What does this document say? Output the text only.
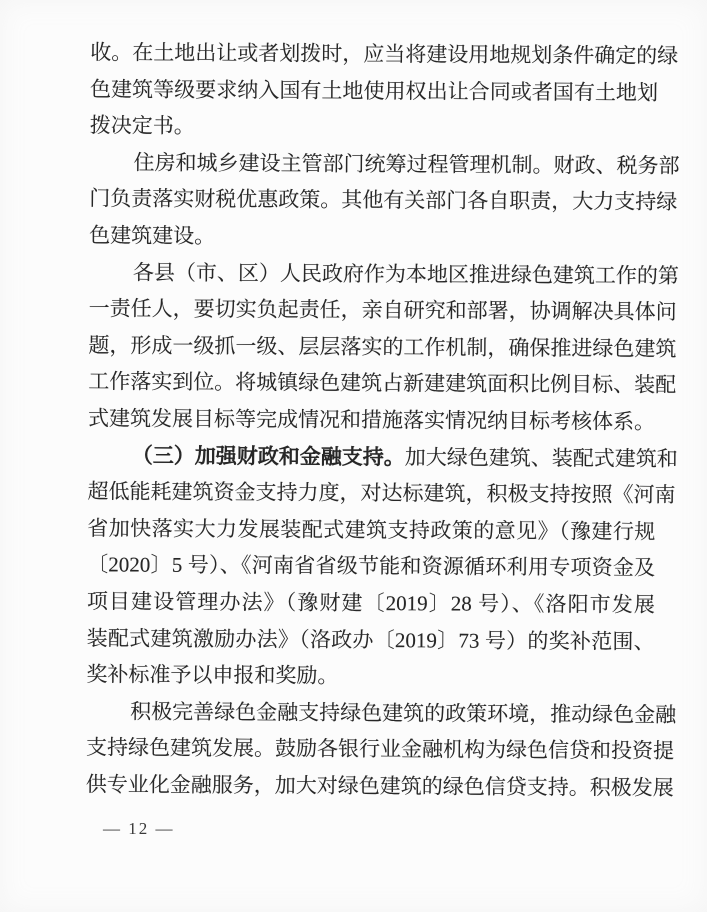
收。在土地出让或者划拨时，应当将建设用地规划条件确定的绿
色建筑等级要求纳入国有土地使用权出让合同或者国有土地划
拨决定书。
住房和城乡建设主管部门统筹过程管理机制。财政、税务部
门负责落实财税优惠政策。其他有关部门各自职责，大力支持绿
色建筑建设。
各县（市、区）人民政府作为本地区推进绿色建筑工作的第
一责任人，要切实负起责任，亲自研究和部署，协调解决具体问
题，形成一级抓一级、层层落实的工作机制，确保推进绿色建筑
工作落实到位。将城镇绿色建筑占新建建筑面积比例目标、装配
式建筑发展目标等完成情况和措施落实情况纳目标考核体系。
（三）加强财政和金融支持。加大绿色建筑、装配式建筑和
超低能耗建筑资金支持力度，对达标建筑，积极支持按照《河南
省加快落实大力发展装配式建筑支持政策的意见》（豫建行规
〔2020〕5 号）、《河南省省级节能和资源循环利用专项资金及
项目建设管理办法》（豫财建〔2019〕28 号）、《洛阳市发展
装配式建筑激励办法》（洛政办〔2019〕73 号）的奖补范围、
奖补标准予以申报和奖励。
积极完善绿色金融支持绿色建筑的政策环境，推动绿色金融
支持绿色建筑发展。鼓励各银行业金融机构为绿色信贷和投资提
供专业化金融服务，加大对绿色建筑的绿色信贷支持。积极发展
— 12 —
